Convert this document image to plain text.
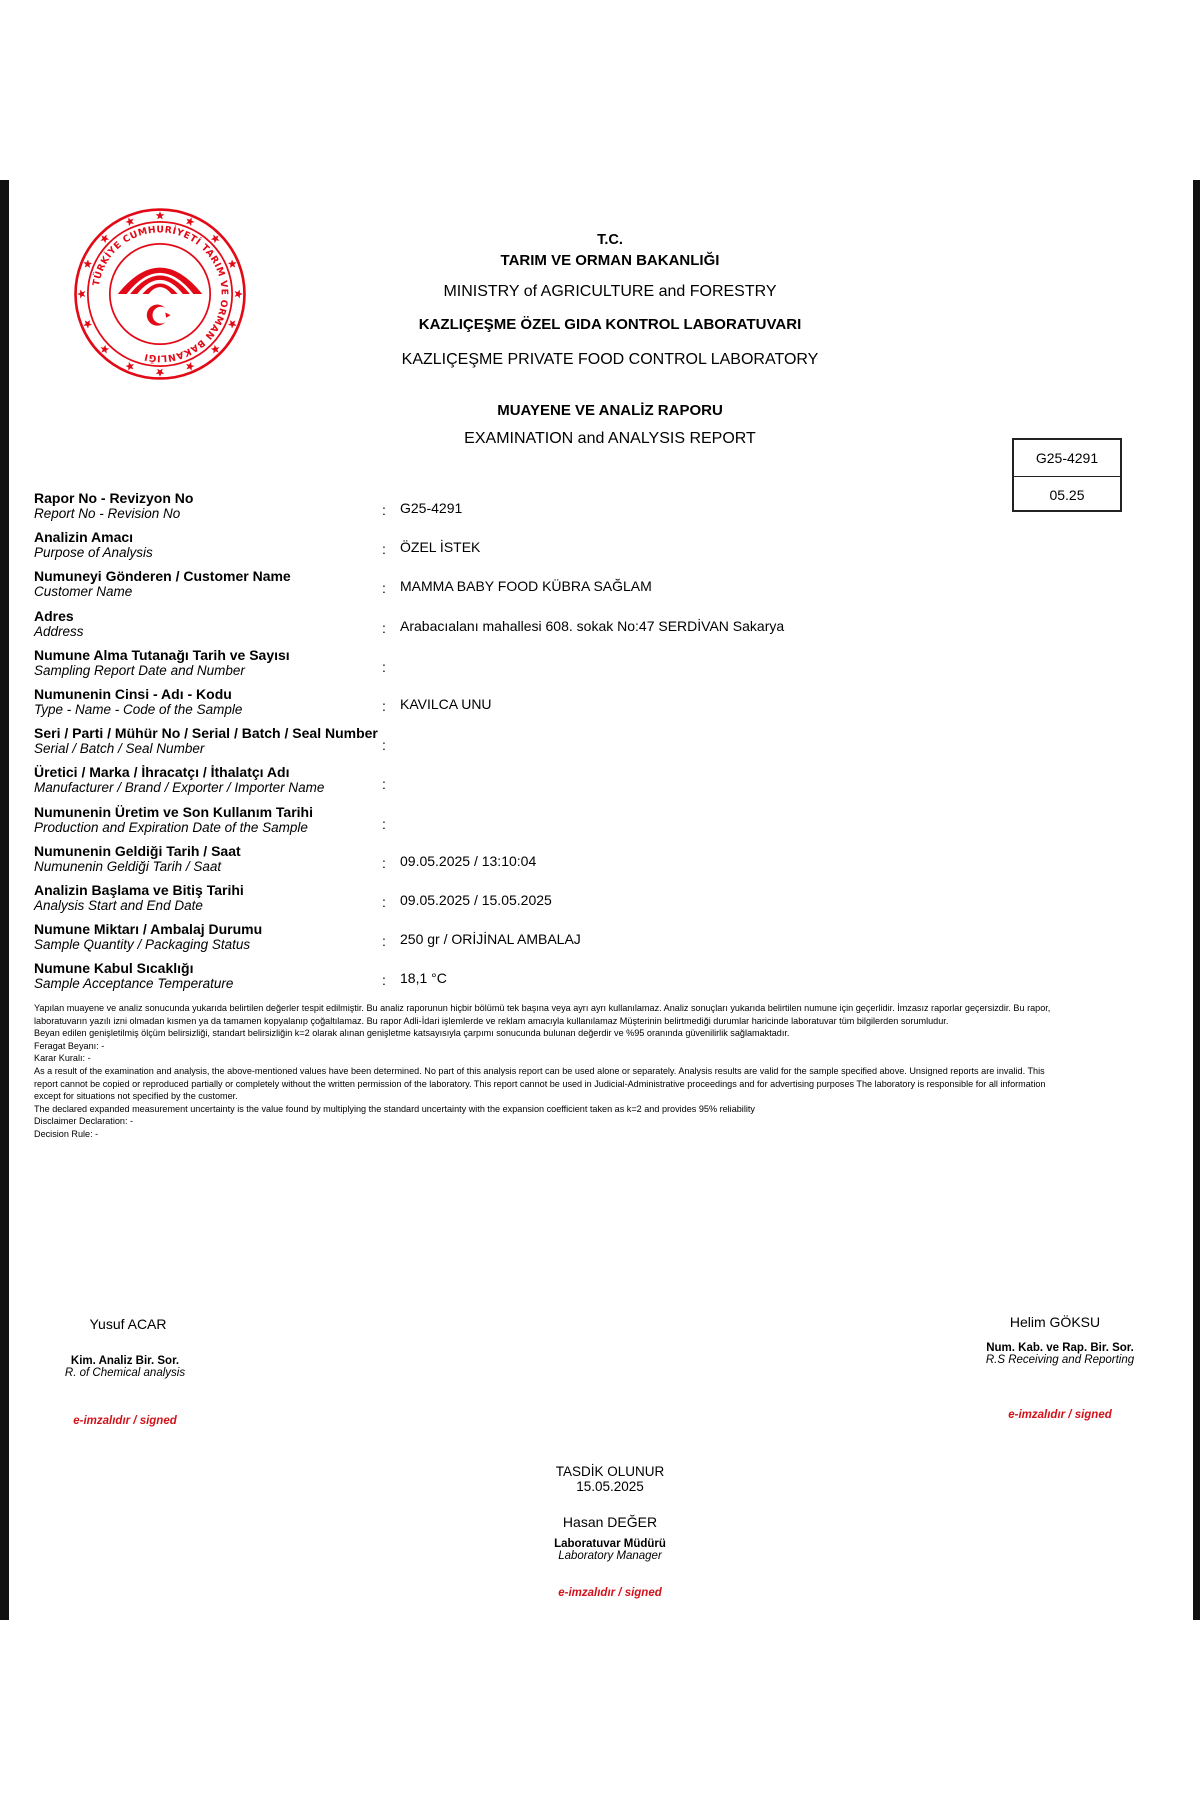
TÜRKİYE CUMHURİYETİ TARIM VE ORMAN BAKANLIĞI
T.C.
TARIM VE ORMAN BAKANLIĞI
MINISTRY of AGRICULTURE and FORESTRY
KAZLIÇEŞME ÖZEL GIDA KONTROL LABORATUVARI
KAZLIÇEŞME PRIVATE FOOD CONTROL LABORATORY
MUAYENE VE ANALİZ RAPORU
EXAMINATION and ANALYSIS REPORT
G25-4291
05.25
Rapor No - Revizyon No
Report No - Revision No	: G25-4291
Analizin Amacı
Purpose of Analysis	: ÖZEL İSTEK
Numuneyi Gönderen / Customer Name
Customer Name	: MAMMA BABY FOOD KÜBRA SAĞLAM
Adres
Address	: Arabacıalanı mahallesi 608. sokak No:47 SERDİVAN Sakarya
Numune Alma Tutanağı Tarih ve Sayısı
Sampling Report Date and Number	:
Numunenin Cinsi - Adı - Kodu
Type - Name - Code of the Sample	: KAVILCA UNU
Seri / Parti / Mühür No / Serial / Batch / Seal Number
Serial / Batch / Seal Number	:
Üretici / Marka / İhracatçı / İthalatçı Adı
Manufacturer / Brand / Exporter / Importer Name	:
Numunenin Üretim ve Son Kullanım Tarihi
Production and Expiration Date of the Sample	:
Numunenin Geldiği Tarih / Saat
Numunenin Geldiği Tarih / Saat	: 09.05.2025 / 13:10:04
Analizin Başlama ve Bitiş Tarihi
Analysis Start and End Date	: 09.05.2025 / 15.05.2025
Numune Miktarı / Ambalaj Durumu
Sample Quantity / Packaging Status	: 250 gr / ORİJİNAL AMBALAJ
Numune Kabul Sıcaklığı
Sample Acceptance Temperature	: 18,1 °C
Yapılan muayene ve analiz sonucunda yukarıda belirtilen değerler tespit edilmiştir. Bu analiz raporunun hiçbir bölümü tek başına veya ayrı ayrı kullanılamaz. Analiz sonuçları yukarıda belirtilen numune için geçerlidir. İmzasız raporlar geçersizdir. Bu rapor,
laboratuvarın yazılı izni olmadan kısmen ya da tamamen kopyalanıp çoğaltılamaz. Bu rapor Adli-İdari işlemlerde ve reklam amacıyla kullanılamaz Müşterinin belirtmediği durumlar haricinde laboratuvar tüm bilgilerden sorumludur.
Beyan edilen genişletilmiş ölçüm belirsizliği, standart belirsizliğin k=2 olarak alınan genişletme katsayısıyla çarpımı sonucunda bulunan değerdir ve %95 oranında güvenilirlik sağlamaktadır.
Feragat Beyanı: -
Karar Kuralı: -
As a result of the examination and analysis, the above-mentioned values have been determined. No part of this analysis report can be used alone or separately. Analysis results are valid for the sample specified above. Unsigned reports are invalid. This
report cannot be copied or reproduced partially or completely without the written permission of the laboratory. This report cannot be used in Judicial-Administrative proceedings and for advertising purposes The laboratory is responsible for all information
except for situations not specified by the customer.
The declared expanded measurement uncertainty is the value found by multiplying the standard uncertainty with the expansion coefficient taken as k=2 and provides 95% reliability
Disclaimer Declaration: -
Decision Rule: -
Yusuf ACAR
Kim. Analiz Bir. Sor.
R. of Chemical analysis
e-imzalıdır / signed
Helim GÖKSU
Num. Kab. ve Rap. Bir. Sor.
R.S Receiving and Reporting
e-imzalıdır / signed
TASDİK OLUNUR
15.05.2025
Hasan DEĞER
Laboratuvar Müdürü
Laboratory Manager
e-imzalıdır / signed
